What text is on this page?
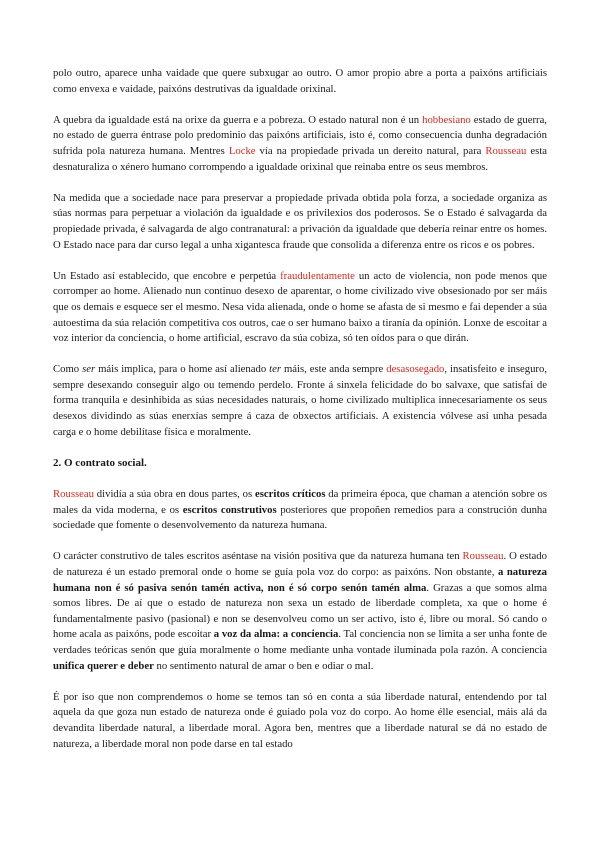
polo outro, aparece unha vaidade que quere subxugar ao outro. O amor propio abre a porta a paixóns artificiais como envexa e vaidade, paixóns destrutivas da igualdade orixinal.

A quebra da igualdade está na orixe da guerra e a pobreza. O estado natural non é un hobbesiano estado de guerra, no estado de guerra éntrase polo predominio das paixóns artificiais, isto é, como consecuencia dunha degradación sufrida pola natureza humana. Mentres Locke vía na propiedade privada un dereito natural, para Rousseau esta desnaturaliza o xénero humano corrompendo a igualdade orixinal que reinaba entre os seus membros.

Na medida que a sociedade nace para preservar a propiedade privada obtida pola forza, a sociedade organiza as súas normas para perpetuar a violación da igualdade e os privilexios dos poderosos. Se o Estado é salvagarda da propiedade privada, é salvagarda de algo contranatural: a privación da igualdade que debería reinar entre os homes. O Estado nace para dar curso legal a unha xigantesca fraude que consolida a diferenza entre os ricos e os pobres.

Un Estado así establecido, que encobre e perpetúa fraudulentamente un acto de violencia, non pode menos que corromper ao home. Alienado nun continuo desexo de aparentar, o home civilizado vive obsesionado por ser máis que os demais e esquece ser el mesmo. Nesa vida alienada, onde o home se afasta de si mesmo e fai depender a súa autoestima da súa relación competitiva cos outros, cae o ser humano baixo a tiranía da opinión. Lonxe de escoitar a voz interior da conciencia, o home artificial, escravo da súa cobiza, só ten oídos para o que dirán.

Como ser máis implica, para o home así alienado ter máis, este anda sempre desasosegado, insatisfeito e inseguro, sempre desexando conseguir algo ou temendo perdelo. Fronte á sinxela felicidade do bo salvaxe, que satisfai de forma tranquila e desinhibida as súas necesidades naturais, o home civilizado multiplica innecesariamente os seus desexos dividindo as súas enerxías sempre á caza de obxectos artificiais. A existencia vólvese así unha pesada carga e o home debilítase física e moralmente.

2. O contrato social.

Rousseau dividía a súa obra en dous partes, os escritos críticos da primeira época, que chaman a atención sobre os males da vida moderna, e os escritos construtivos posteriores que propoñen remedios para a construción dunha sociedade que fomente o desenvolvemento da natureza humana.

O carácter construtivo de tales escritos aséntase na visión positiva que da natureza humana ten Rousseau. O estado de natureza é un estado premoral onde o home se guía pola voz do corpo: as paixóns. Non obstante, a natureza humana non é só pasiva senón tamén activa, non é só corpo senón tamén alma. Grazas a que somos alma somos libres. De aí que o estado de natureza non sexa un estado de liberdade completa, xa que o home é fundamentalmente pasivo (pasional) e non se desenvolveu como un ser activo, isto é, libre ou moral. Só cando o home acala as paixóns, pode escoitar a voz da alma: a conciencia. Tal conciencia non se limita a ser unha fonte de verdades teóricas senón que guía moralmente o home mediante unha vontade iluminada pola razón. A conciencia unifica querer e deber no sentimento natural de amar o ben e odiar o mal.

É por iso que non comprendemos o home se temos tan só en conta a súa liberdade natural, entendendo por tal aquela da que goza nun estado de natureza onde é guiado pola voz do corpo. Ao home élle esencial, máis alá da devandita liberdade natural, a liberdade moral. Agora ben, mentres que a liberdade natural se dá no estado de natureza, a liberdade moral non pode darse en tal estado
